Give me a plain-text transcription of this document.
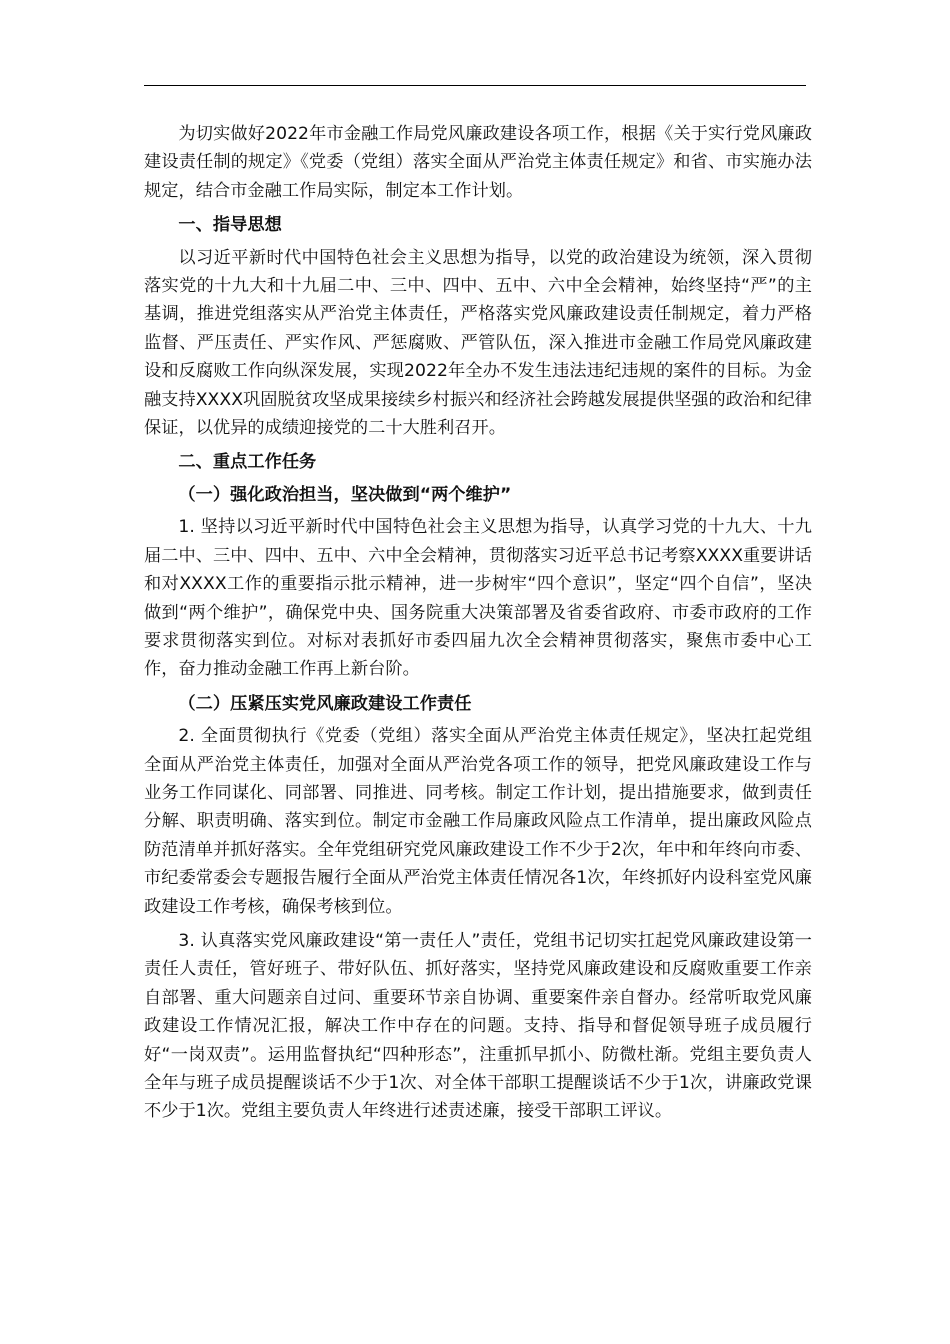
为切实做好2022年市金融工作局党风廉政建设各项工作，根据《关于实行党风廉政建设责任制的规定》《党委（党组）落实全面从严治党主体责任规定》和省、市实施办法规定，结合市金融工作局实际，制定本工作计划。

一、指导思想

以习近平新时代中国特色社会主义思想为指导，以党的政治建设为统领，深入贯彻落实党的十九大和十九届二中、三中、四中、五中、六中全会精神，始终坚持“严”的主基调，推进党组落实从严治党主体责任，严格落实党风廉政建设责任制规定，着力严格监督、严压责任、严实作风、严惩腐败、严管队伍，深入推进市金融工作局党风廉政建设和反腐败工作向纵深发展，实现2022年全办不发生违法违纪违规的案件的目标。为金融支持XXXX巩固脱贫攻坚成果接续乡村振兴和经济社会跨越发展提供坚强的政治和纪律保证，以优异的成绩迎接党的二十大胜利召开。

二、重点工作任务

（一）强化政治担当，坚决做到“两个维护”

1. 坚持以习近平新时代中国特色社会主义思想为指导，认真学习党的十九大、十九届二中、三中、四中、五中、六中全会精神，贯彻落实习近平总书记考察XXXX重要讲话和对XXXX工作的重要指示批示精神，进一步树牢“四个意识”，坚定“四个自信”，坚决做到“两个维护”，确保党中央、国务院重大决策部署及省委省政府、市委市政府的工作要求贯彻落实到位。对标对表抓好市委四届九次全会精神贯彻落实，聚焦市委中心工作，奋力推动金融工作再上新台阶。

（二）压紧压实党风廉政建设工作责任

2. 全面贯彻执行《党委（党组）落实全面从严治党主体责任规定》，坚决扛起党组全面从严治党主体责任，加强对全面从严治党各项工作的领导，把党风廉政建设工作与业务工作同谋化、同部署、同推进、同考核。制定工作计划，提出措施要求，做到责任分解、职责明确、落实到位。制定市金融工作局廉政风险点工作清单，提出廉政风险点防范清单并抓好落实。全年党组研究党风廉政建设工作不少于2次，年中和年终向市委、市纪委常委会专题报告履行全面从严治党主体责任情况各1次，年终抓好内设科室党风廉政建设工作考核，确保考核到位。

3. 认真落实党风廉政建设“第一责任人”责任，党组书记切实扛起党风廉政建设第一责任人责任，管好班子、带好队伍、抓好落实，坚持党风廉政建设和反腐败重要工作亲自部署、重大问题亲自过问、重要环节亲自协调、重要案件亲自督办。经常听取党风廉政建设工作情况汇报，解决工作中存在的问题。支持、指导和督促领导班子成员履行好“一岗双责”。运用监督执纪“四种形态”，注重抓早抓小、防微杜渐。党组主要负责人全年与班子成员提醒谈话不少于1次、对全体干部职工提醒谈话不少于1次，讲廉政党课不少于1次。党组主要负责人年终进行述责述廉，接受干部职工评议。
